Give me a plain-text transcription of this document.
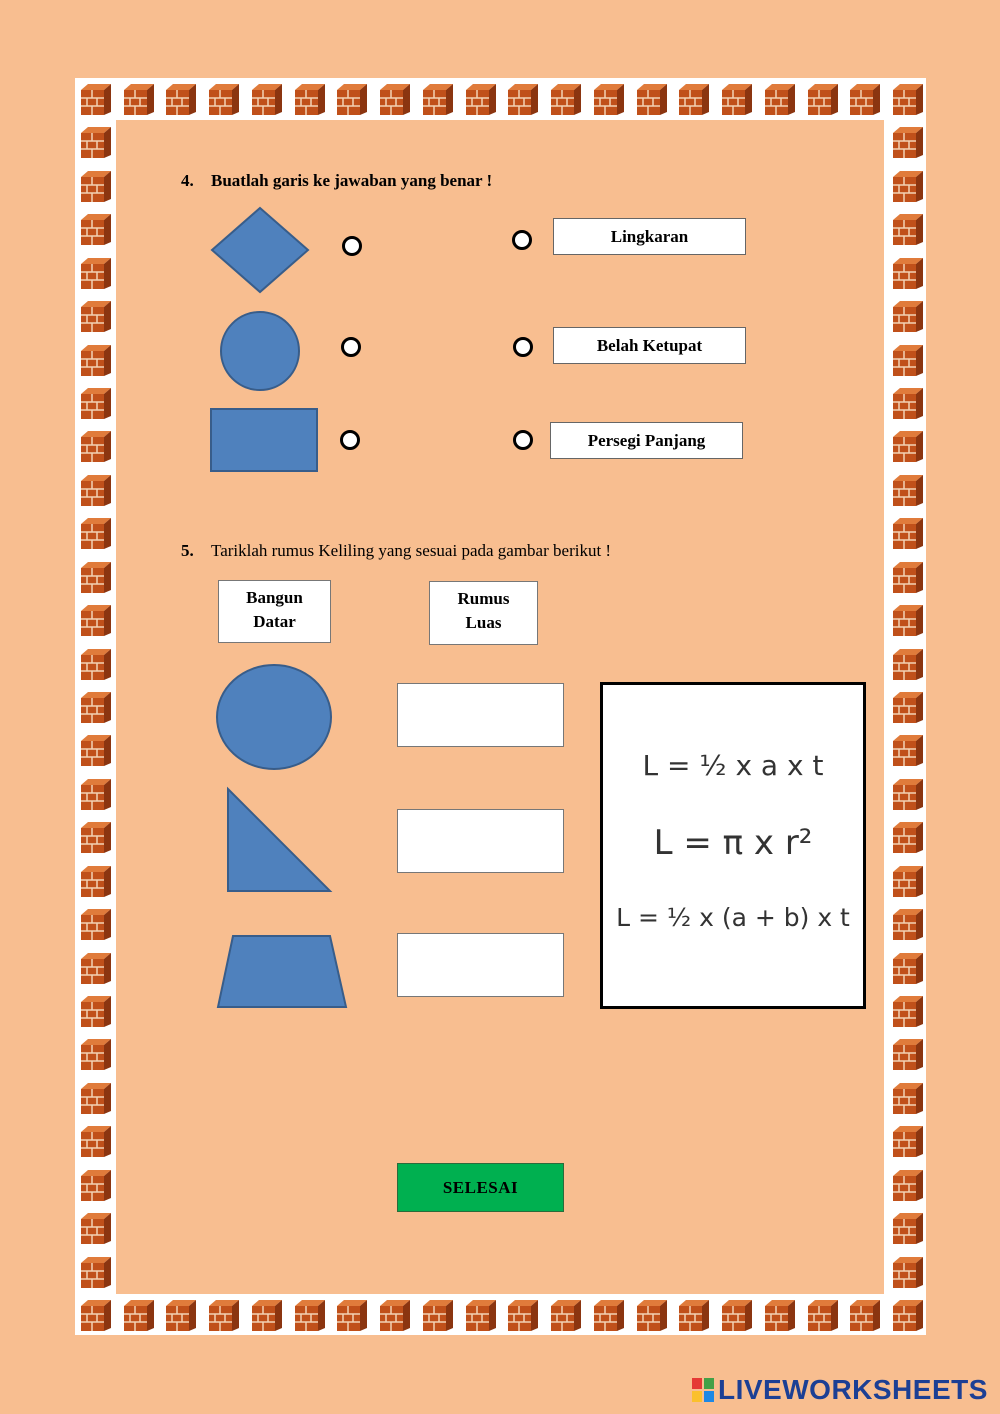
4. Buatlah garis ke jawaban yang benar !
Lingkaran
Belah Ketupat
Persegi Panjang
5. Tariklah rumus Keliling yang sesuai pada gambar berikut !
Bangun
Datar
Rumus
Luas
L = ½ x a x t
L = π x r²
L = ½ x (a + b) x t
SELESAI
LIVEWORKSHEETS
